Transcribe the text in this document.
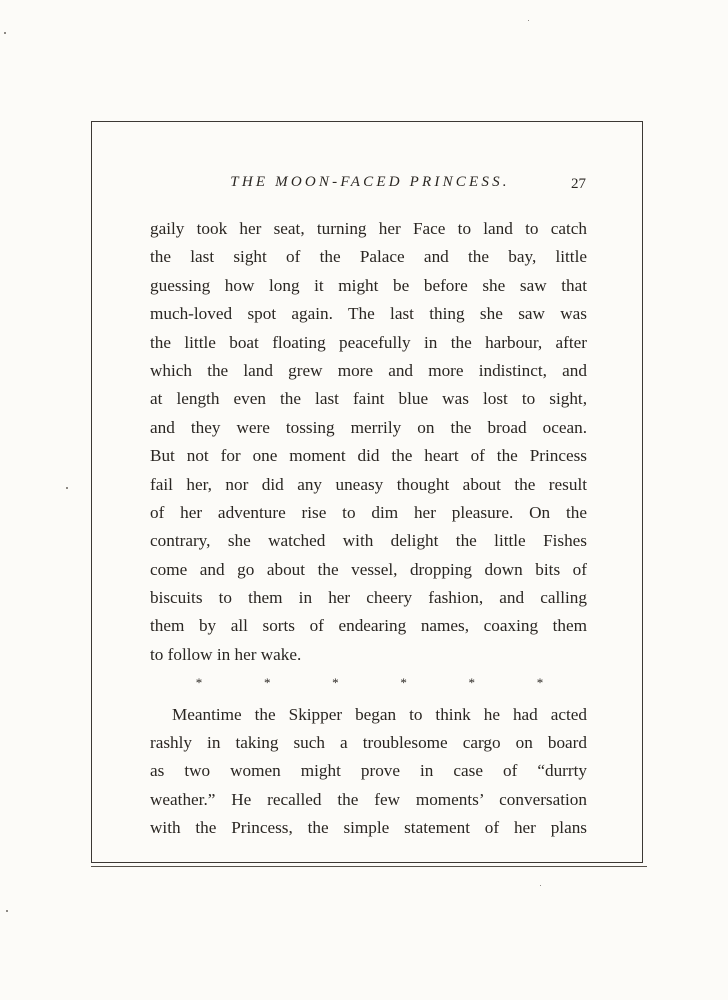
THE MOON-FACED PRINCESS.	27
gaily took her seat, turning her Face to land to catch
the last sight of the Palace and the bay, little
guessing how long it might be before she saw that
much-loved spot again. The last thing she saw was
the little boat floating peacefully in the harbour, after
which the land grew more and more indistinct, and
at length even the last faint blue was lost to sight,
and they were tossing merrily on the broad ocean.
But not for one moment did the heart of the Princess
fail her, nor did any uneasy thought about the result
of her adventure rise to dim her pleasure. On the
contrary, she watched with delight the little Fishes
come and go about the vessel, dropping down bits of
biscuits to them in her cheery fashion, and calling
them by all sorts of endearing names, coaxing them
to follow in her wake.
*	*	*	*	*	*
Meantime the Skipper began to think he had acted
rashly in taking such a troublesome cargo on board
as two women might prove in case of “durrty
weather.” He recalled the few moments’ conversation
with the Princess, the simple statement of her plans
